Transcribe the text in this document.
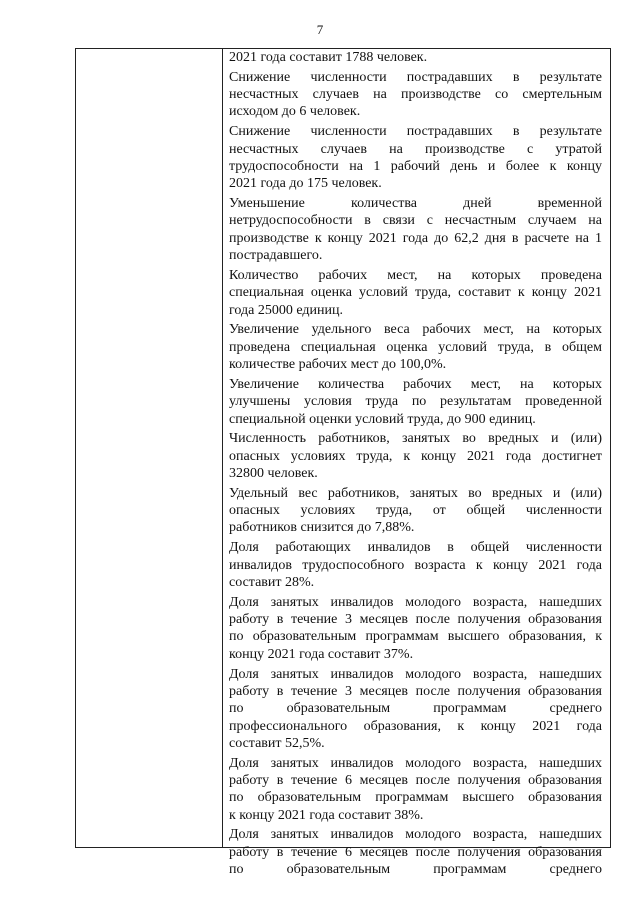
7
2021 года составит 1788 человек.
Снижение численности пострадавших в результате
несчастных случаев на производстве со смертельным
исходом до 6 человек.
Снижение численности пострадавших в результате
несчастных случаев на производстве с утратой
трудоспособности на 1 рабочий день и более к концу
2021 года до 175 человек.
Уменьшение количества дней временной
нетрудоспособности в связи с несчастным случаем на
производстве к концу 2021 года до 62,2 дня в расчете на 1
пострадавшего.
Количество рабочих мест, на которых проведена
специальная оценка условий труда, составит к концу 2021
года 25000 единиц.
Увеличение удельного веса рабочих мест, на которых
проведена специальная оценка условий труда, в общем
количестве рабочих мест до 100,0%.
Увеличение количества рабочих мест, на которых
улучшены условия труда по результатам проведенной
специальной оценки условий труда, до 900 единиц.
Численность работников, занятых во вредных и (или)
опасных условиях труда, к концу 2021 года достигнет
32800 человек.
Удельный вес работников, занятых во вредных и (или)
опасных условиях труда, от общей численности
работников снизится до 7,88%.
Доля работающих инвалидов в общей численности
инвалидов трудоспособного возраста к концу 2021 года
составит 28%.
Доля занятых инвалидов молодого возраста, нашедших
работу в течение 3 месяцев после получения образования
по образовательным программам высшего образования, к
концу 2021 года составит 37%.
Доля занятых инвалидов молодого возраста, нашедших
работу в течение 3 месяцев после получения образования
по образовательным программам среднего
профессионального образования, к концу 2021 года
составит 52,5%.
Доля занятых инвалидов молодого возраста, нашедших
работу в течение 6 месяцев после получения образования
по образовательным программам высшего образования
к концу 2021 года составит 38%.
Доля занятых инвалидов молодого возраста, нашедших
работу в течение 6 месяцев после получения образования
по образовательным программам среднего
